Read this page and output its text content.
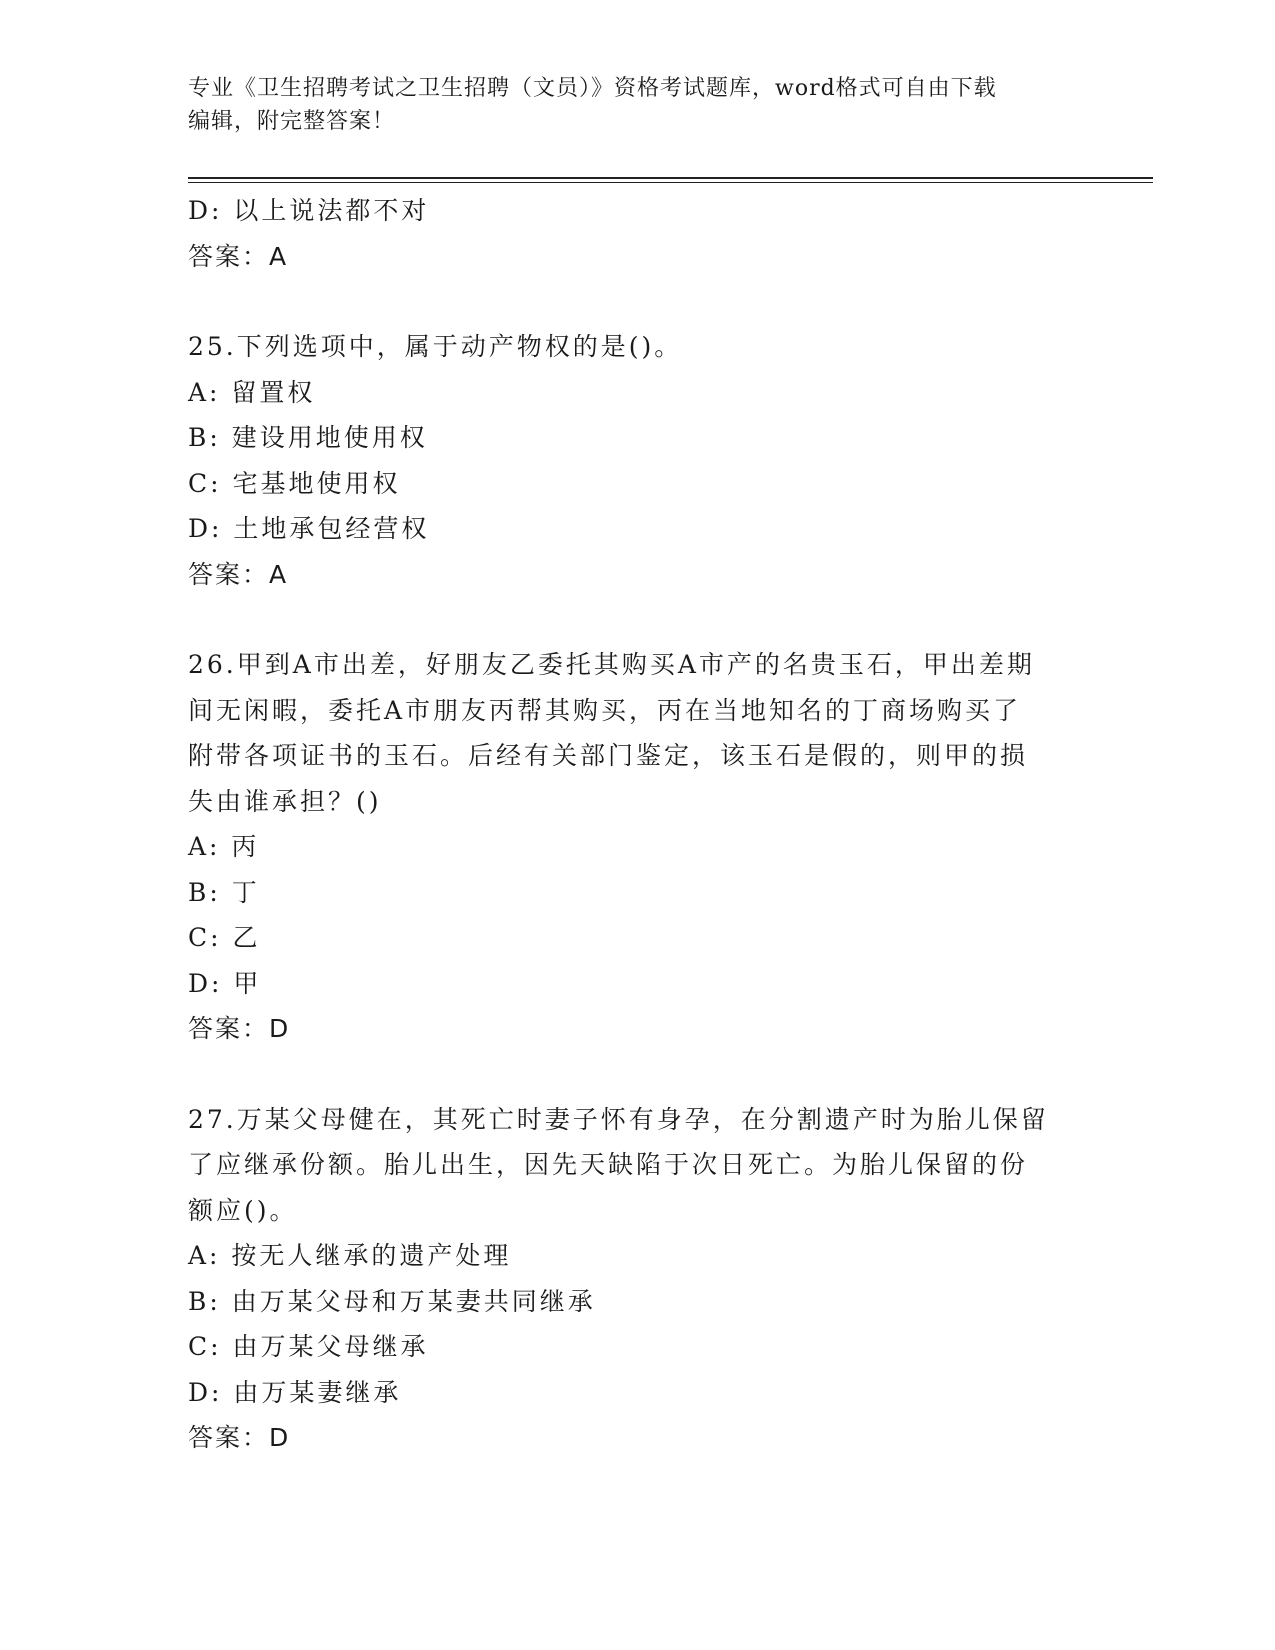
专业《卫生招聘考试之卫生招聘（文员）》资格考试题库，word格式可自由下载
编辑，附完整答案！
D: 以上说法都不对
答案：A
25.下列选项中，属于动产物权的是()。
A: 留置权
B: 建设用地使用权
C: 宅基地使用权
D: 土地承包经营权
答案：A
26.甲到A市出差，好朋友乙委托其购买A市产的名贵玉石，甲出差期
间无闲暇，委托A市朋友丙帮其购买，丙在当地知名的丁商场购买了
附带各项证书的玉石。后经有关部门鉴定，该玉石是假的，则甲的损
失由谁承担？()
A: 丙
B: 丁
C: 乙
D: 甲
答案：D
27.万某父母健在，其死亡时妻子怀有身孕，在分割遗产时为胎儿保留
了应继承份额。胎儿出生，因先天缺陷于次日死亡。为胎儿保留的份
额应()。
A: 按无人继承的遗产处理
B: 由万某父母和万某妻共同继承
C: 由万某父母继承
D: 由万某妻继承
答案：D
